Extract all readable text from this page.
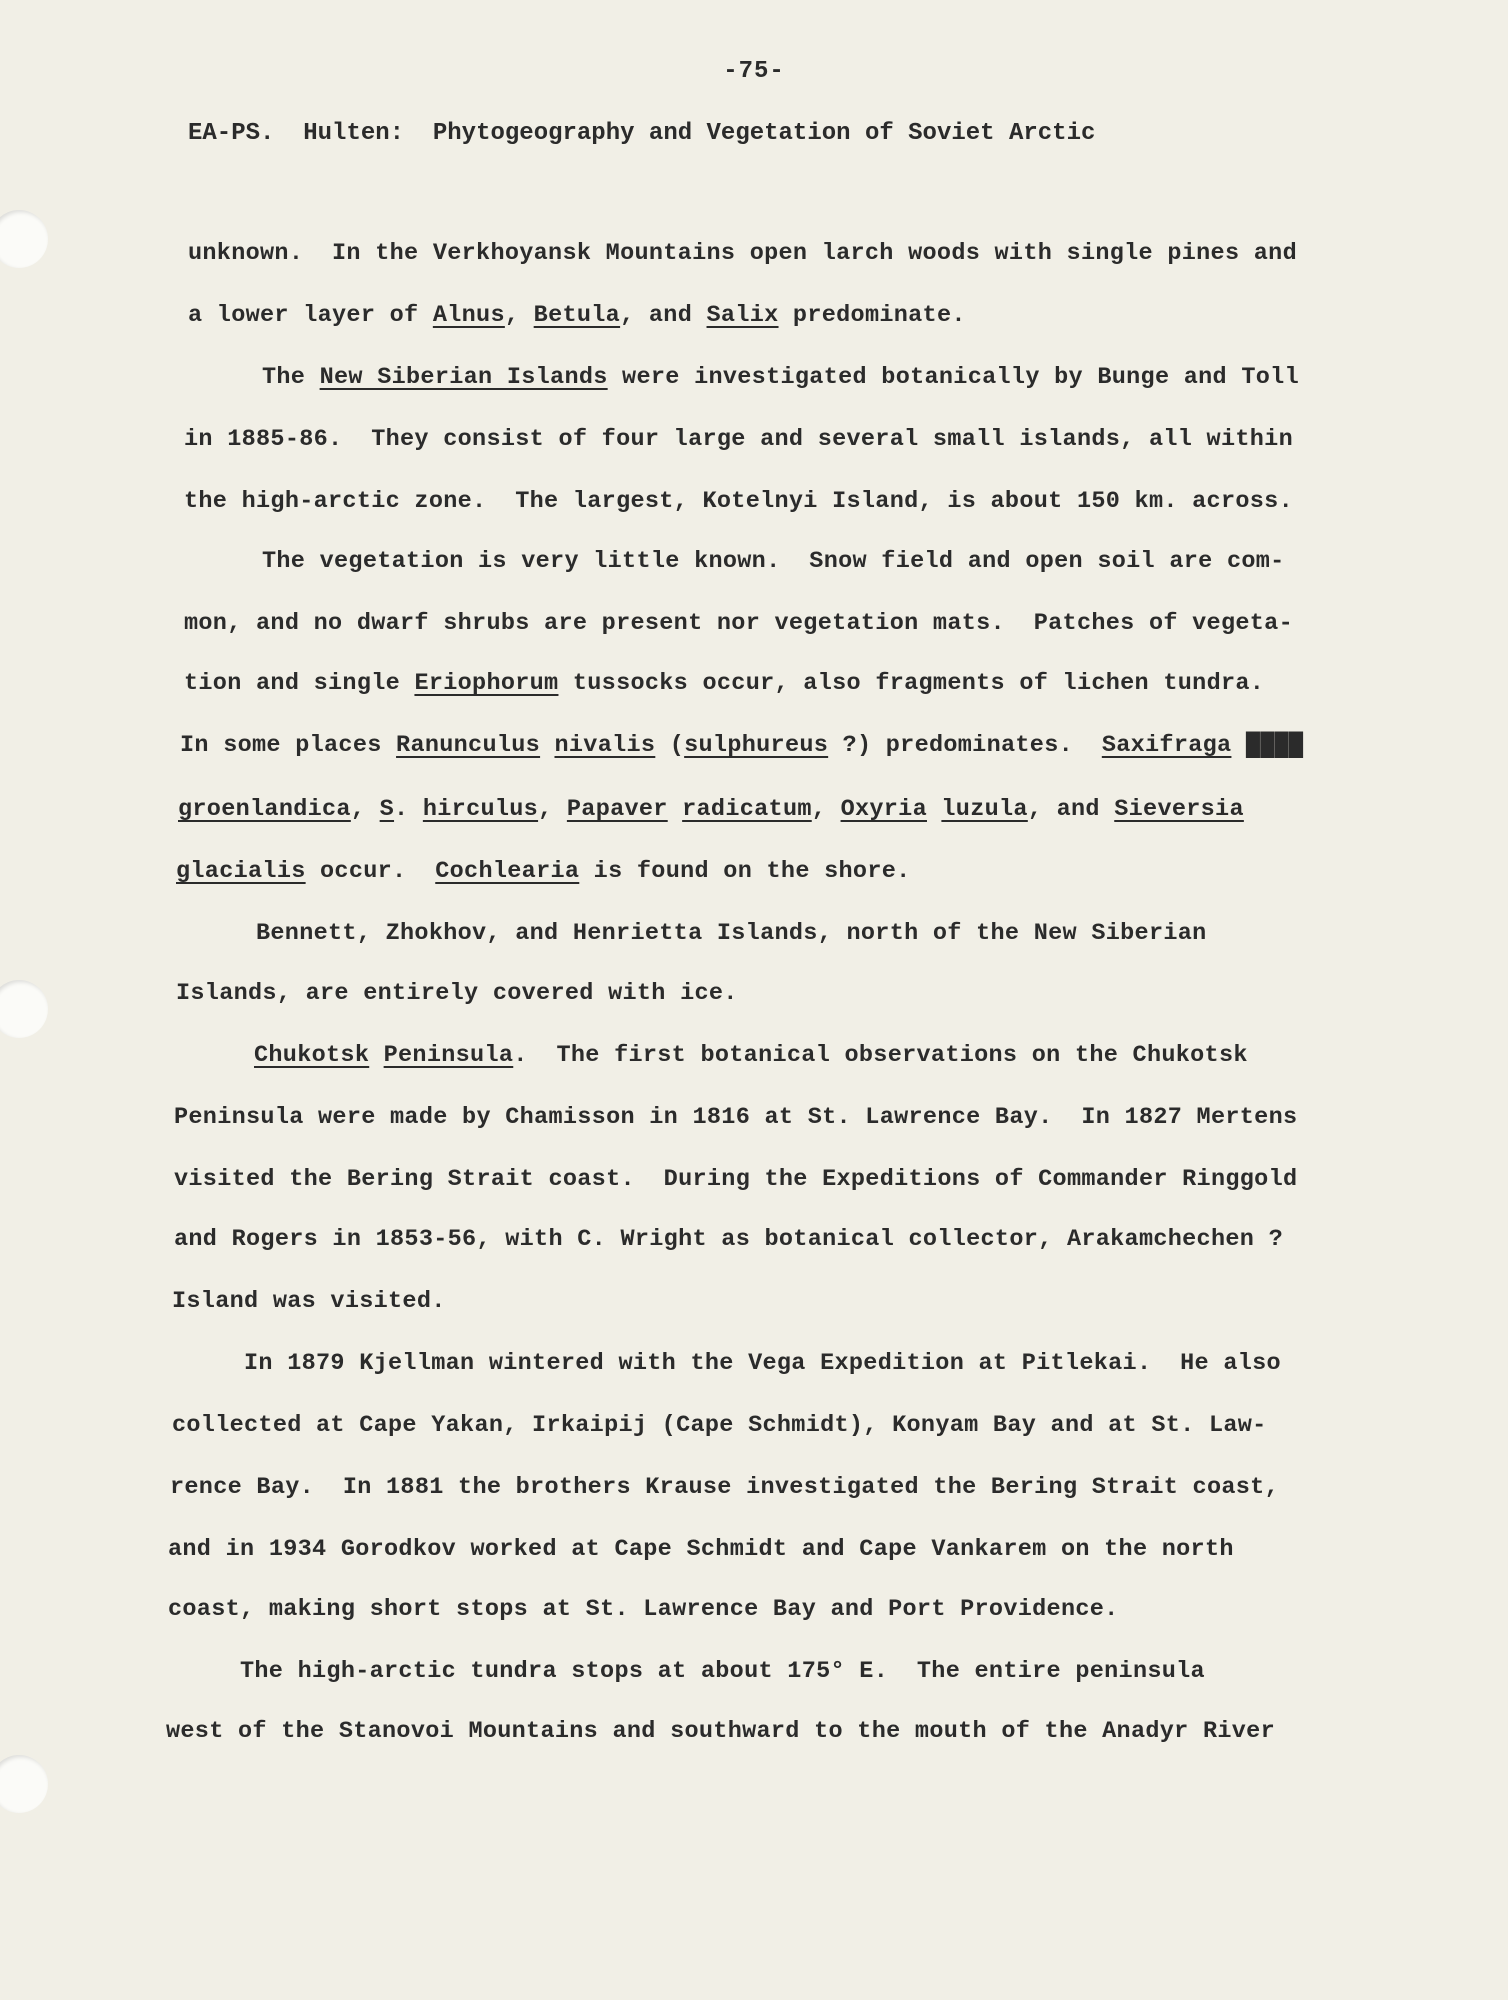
-75-
EA-PS. Hulten: Phytogeography and Vegetation of Soviet Arctic
unknown.  In the Verkhoyansk Mountains open larch woods with single pines and
a lower layer of Alnus, Betula, and Salix predominate.
The New Siberian Islands were investigated botanically by Bunge and Toll
in 1885-86.  They consist of four large and several small islands, all within
the high-arctic zone.  The largest, Kotelnyi Island, is about 150 km. across.
The vegetation is very little known.  Snow field and open soil are com-
mon, and no dwarf shrubs are present nor vegetation mats.  Patches of vegeta-
tion and single Eriophorum tussocks occur, also fragments of lichen tundra.
In some places Ranunculus nivalis (sulphureus ?) predominates.  Saxifraga ████
groenlandica, S. hirculus, Papaver radicatum, Oxyria luzula, and Sieversia
glacialis occur.  Cochlearia is found on the shore.
Bennett, Zhokhov, and Henrietta Islands, north of the New Siberian
Islands, are entirely covered with ice.
Chukotsk Peninsula.  The first botanical observations on the Chukotsk
Peninsula were made by Chamisson in 1816 at St. Lawrence Bay.  In 1827 Mertens
visited the Bering Strait coast.  During the Expeditions of Commander Ringgold
and Rogers in 1853-56, with C. Wright as botanical collector, Arakamchechen ?
Island was visited.
In 1879 Kjellman wintered with the Vega Expedition at Pitlekai.  He also
collected at Cape Yakan, Irkaipij (Cape Schmidt), Konyam Bay and at St. Law-
rence Bay.  In 1881 the brothers Krause investigated the Bering Strait coast,
and in 1934 Gorodkov worked at Cape Schmidt and Cape Vankarem on the north
coast, making short stops at St. Lawrence Bay and Port Providence.
The high-arctic tundra stops at about 175° E.  The entire peninsula
west of the Stanovoi Mountains and southward to the mouth of the Anadyr River
